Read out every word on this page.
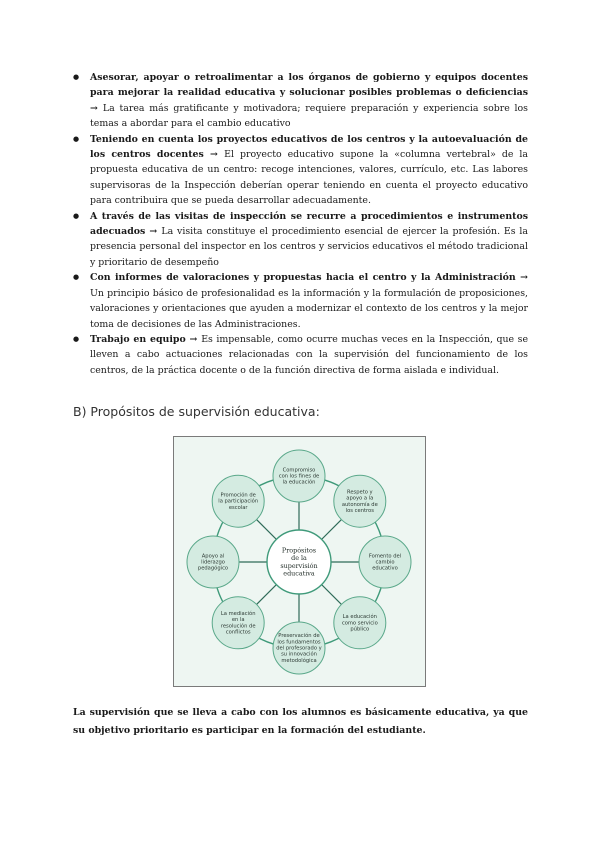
● Asesorar, apoyar o retroalimentar a los órganos de gobierno y equipos docentes para mejorar la realidad educativa y solucionar posibles problemas o deficiencias → La tarea más gratificante y motivadora; requiere preparación y experiencia sobre los temas a abordar para el cambio educativo
● Teniendo en cuenta los proyectos educativos de los centros y la autoevaluación de los centros docentes → El proyecto educativo supone la «columna vertebral» de la propuesta educativa de un centro: recoge intenciones, valores, currículo, etc. Las labores supervisoras de la Inspección deberían operar teniendo en cuenta el proyecto educativo para contribuira que se pueda desarrollar adecuadamente.
● A través de las visitas de inspección se recurre a procedimientos e instrumentos adecuados → La visita constituye el procedimiento esencial de ejercer la profesión. Es la presencia personal del inspector en los centros y servicios educativos el método tradicional y prioritario de desempeño
● Con informes de valoraciones y propuestas hacia el centro y la Administración → Un principio básico de profesionalidad es la información y la formulación de proposiciones, valoraciones y orientaciones que ayuden a modernizar el contexto de los centros y la mejor toma de decisiones de las Administraciones.
● Trabajo en equipo → Es impensable, como ocurre muchas veces en la Inspección, que se lleven a cabo actuaciones relacionadas con la supervisión del funcionamiento de los centros, de la práctica docente o de la función directiva de forma aislada e individual.
B) Propósitos de supervisión educativa:
Compromiso
con los fines de
la educación
Respeto y
apoyo a la
autonomía de
los centros
Fomento del
cambio
educativo
La educación
como servicio
público
Preservación de
los fundamentos
del profesorado y
su innovación
metodológica
La mediación
en la
resolución de
conflictos
Apoyo al
liderazgo
pedagógico
Promoción de
la participación
escolar
Propósitos
de la
supervisión
educativa

La supervisión que se lleva a cabo con los alumnos es básicamente educativa, ya que su objetivo prioritario es participar en la formación del estudiante.
